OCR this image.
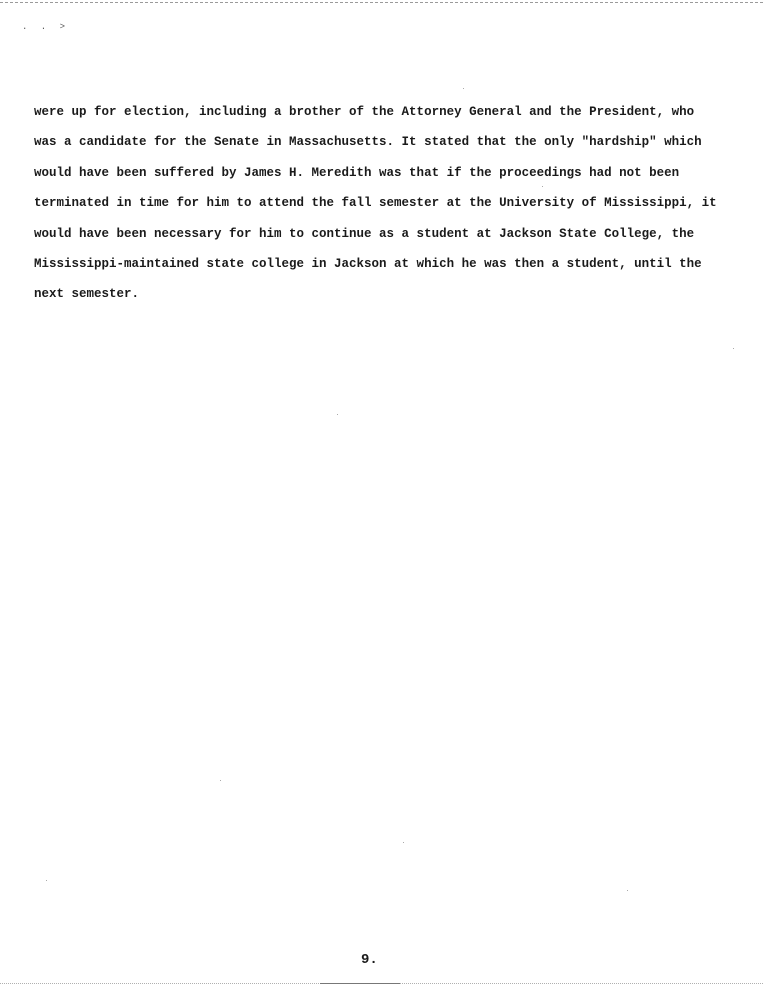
. . >
were up for election, including a brother of the Attorney General and the President, who
was a candidate for the Senate in Massachusetts. It stated that the only "hardship" which
would have been suffered by James H. Meredith was that if the proceedings had not been
terminated in time for him to attend the fall semester at the University of Mississippi, it
would have been necessary for him to continue as a student at Jackson State College, the
Mississippi-maintained state college in Jackson at which he was then a student, until the
next semester.
9.
